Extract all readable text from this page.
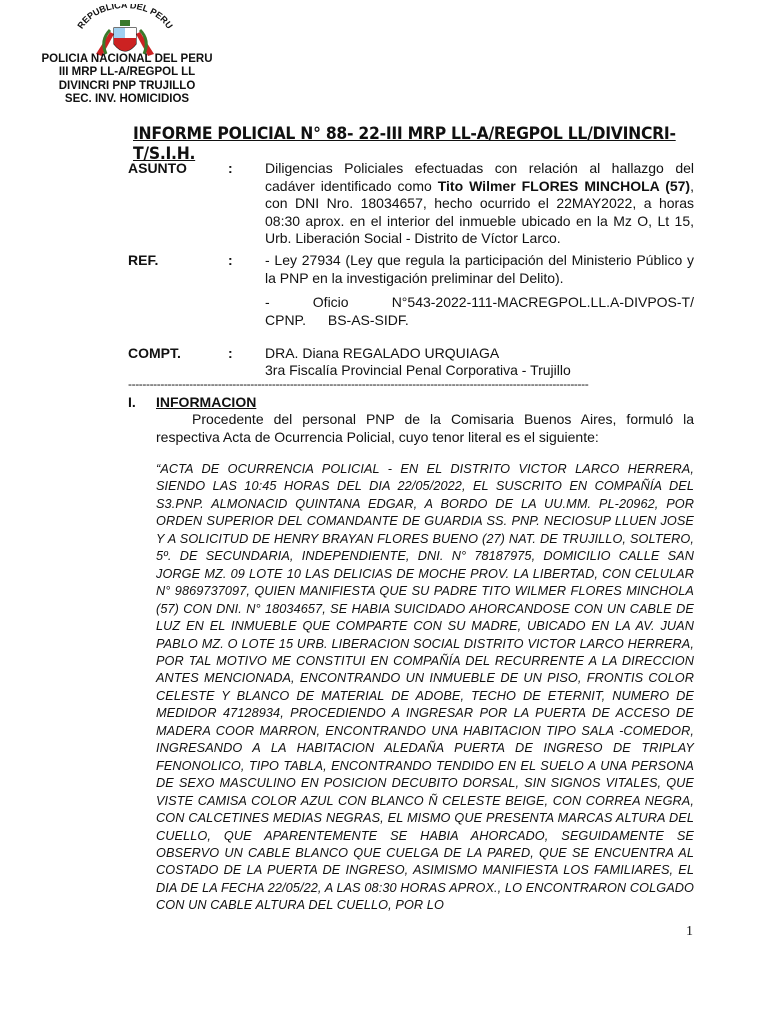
REPUBLICA DEL PERU
POLICIA NACIONAL DEL PERU
III MRP LL-A/REGPOL LL
DIVINCRI PNP TRUJILLO
SEC. INV. HOMICIDIOS
INFORME POLICIAL N° 88- 22-III MRP LL-A/REGPOL LL/DIVINCRI-T/S.I.H.
ASUNTO	: Diligencias Policiales efectuadas con relación al hallazgo del cadáver identificado como Tito Wilmer FLORES MINCHOLA (57), con DNI Nro. 18034657, hecho ocurrido el 22MAY2022, a horas 08:30 aprox. en el interior del inmueble ubicado en la Mz O, Lt 15, Urb. Liberación Social - Distrito de Víctor Larco.
REF.	: - Ley 27934 (Ley que regula la participación del Ministerio Público y la PNP en la investigación preliminar del Delito).
- Oficio N°543-2022-111-MACREGPOL.LL.A-DIVPOS-T/ CPNP. BS-AS-SIDF.
COMPT.	: DRA. Diana REGALADO URQUIAGA
3ra Fiscalía Provincial Penal Corporativa - Trujillo
--------------------------------------------------------------------------------------------------------------------------------
I. INFORMACION
Procedente del personal PNP de la Comisaria Buenos Aires, formuló la respectiva Acta de Ocurrencia Policial, cuyo tenor literal es el siguiente:
“ACTA DE OCURRENCIA POLICIAL - EN EL DISTRITO VICTOR LARCO HERRERA, SIENDO LAS 10:45 HORAS DEL DIA 22/05/2022, EL SUSCRITO EN COMPAÑÍA DEL S3.PNP. ALMONACID QUINTANA EDGAR, A BORDO DE LA UU.MM. PL-20962, POR ORDEN SUPERIOR DEL COMANDANTE DE GUARDIA SS. PNP. NECIOSUP LLUEN JOSE Y A SOLICITUD DE HENRY BRAYAN FLORES BUENO (27) NAT. DE TRUJILLO, SOLTERO, 5º. DE SECUNDARIA, INDEPENDIENTE, DNI. N° 78187975, DOMICILIO CALLE SAN JORGE MZ. 09 LOTE 10 LAS DELICIAS DE MOCHE PROV. LA LIBERTAD, CON CELULAR N° 9869737097, QUIEN MANIFIESTA QUE SU PADRE TITO WILMER FLORES MINCHOLA (57) CON DNI. N° 18034657, SE HABIA SUICIDADO AHORCANDOSE CON UN CABLE DE LUZ EN EL INMUEBLE QUE COMPARTE CON SU MADRE, UBICADO EN LA AV. JUAN PABLO MZ. O LOTE 15 URB. LIBERACION SOCIAL DISTRITO VICTOR LARCO HERRERA, POR TAL MOTIVO ME CONSTITUI EN COMPAÑÍA DEL RECURRENTE A LA DIRECCION ANTES MENCIONADA, ENCONTRANDO UN INMUEBLE DE UN PISO, FRONTIS COLOR CELESTE Y BLANCO DE MATERIAL DE ADOBE, TECHO DE ETERNIT, NUMERO DE MEDIDOR 47128934, PROCEDIENDO A INGRESAR POR LA PUERTA DE ACCESO DE MADERA COOR MARRON, ENCONTRANDO UNA HABITACION TIPO SALA -COMEDOR, INGRESANDO A LA HABITACION ALEDAÑA PUERTA DE INGRESO DE TRIPLAY FENONOLICO, TIPO TABLA, ENCONTRANDO TENDIDO EN EL SUELO A UNA PERSONA DE SEXO MASCULINO EN POSICION DECUBITO DORSAL, SIN SIGNOS VITALES, QUE VISTE CAMISA COLOR AZUL CON BLANCO Ñ CELESTE BEIGE, CON CORREA NEGRA, CON CALCETINES MEDIAS NEGRAS, EL MISMO QUE PRESENTA MARCAS ALTURA DEL CUELLO, QUE APARENTEMENTE SE HABIA AHORCADO, SEGUIDAMENTE SE OBSERVO UN CABLE BLANCO QUE CUELGA DE LA PARED, QUE SE ENCUENTRA AL COSTADO DE LA PUERTA DE INGRESO, ASIMISMO MANIFIESTA LOS FAMILIARES, EL DIA DE LA FECHA 22/05/22, A LAS 08:30 HORAS APROX., LO ENCONTRARON COLGADO CON UN CABLE ALTURA DEL CUELLO, POR LO
1
